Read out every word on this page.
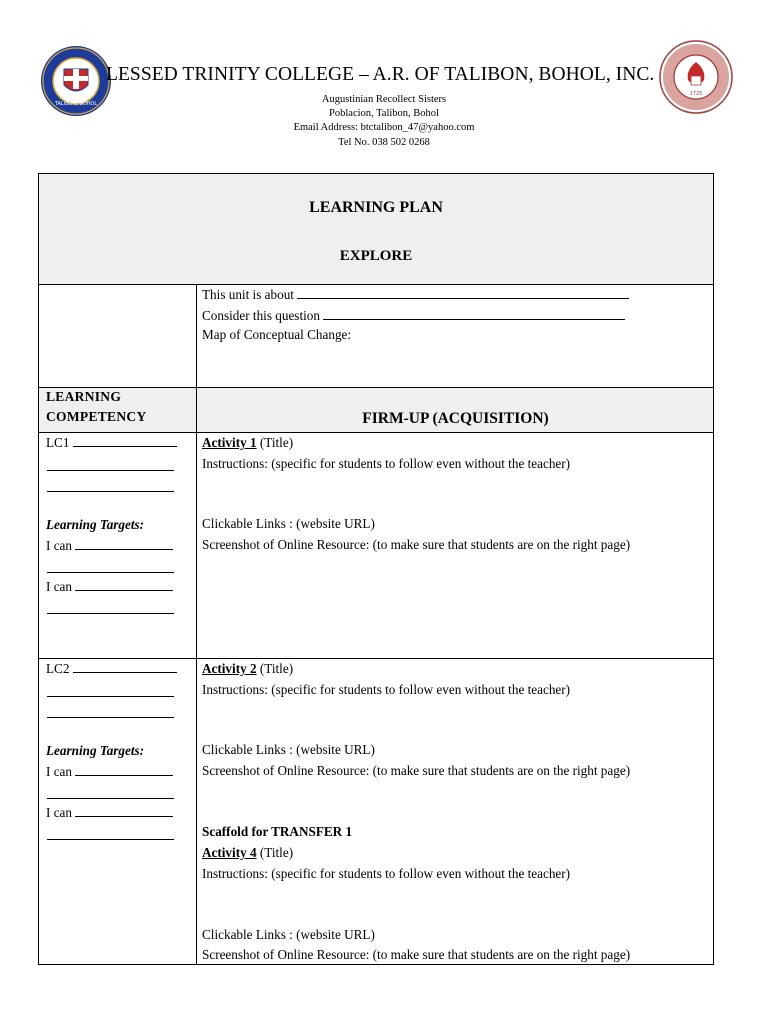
TALIBON, BOHOL
LESSED TRINITY COLLEGE – A.R. OF TALIBON, BOHOL, INC.
Augustinian Recollect Sisters
Poblacion, Talibon, Bohol
Email Address: btctalibon_47@yahoo.com
Tel No. 038 502 0268
1725
LEARNING PLAN
EXPLORE
This unit is about
Consider this question
Map of Conceptual Change:
LEARNING
COMPETENCY	FIRM-UP (ACQUISITION)
LC1
Learning Targets:
I can
I can
Activity 1 (Title)
Instructions: (specific for students to follow even without the teacher)
Clickable Links : (website URL)
Screenshot of Online Resource: (to make sure that students are on the right page)
LC2
Learning Targets:
I can
I can
Activity 2 (Title)
Instructions: (specific for students to follow even without the teacher)
Clickable Links : (website URL)
Screenshot of Online Resource: (to make sure that students are on the right page)
Scaffold for TRANSFER 1
Activity 4 (Title)
Instructions: (specific for students to follow even without the teacher)
Clickable Links : (website URL)
Screenshot of Online Resource: (to make sure that students are on the right page)
